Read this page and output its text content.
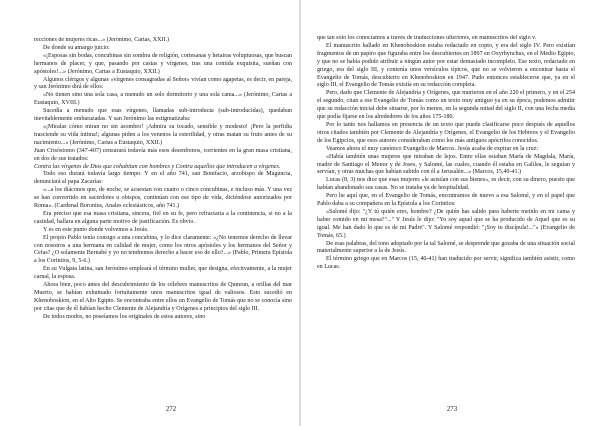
recciones de mujeres ricas...» (Jerónimo, Cartas, XXII.)

De donde su amargo juicio:

«¡Esposas sin bodas, concubinas sin sombra de religión, cortesanas y hetairas voluptuosas, que buscan hermanos de placer, y que, pasando por castas y vírgenes, tras una comida exquisita, sueñan con apóstoles!...» (Jerónimo, Cartas a Eustaquio, XXII.)

Algunos clérigos y algunas «vírgenes consagradas al Señor» vivían como agapetas, es decir, en pareja, y san Jerónimo dirá de ellos:

«No tienen sino una sola casa, a menudo un solo dormitorio y una sola cama...» (Jerónimo, Cartas a Eustaquio, XVIII.)

Sucedía a menudo que esas vírgenes, llamadas sub-introducta (sub-introducidas), quedaban inevitablemente embarazadas. Y san Jerónimo las estigmatizaba:

«¡Miralas cómo miran no sin asombro! ¡Admira su tocado, sensible y modesto! ¡Pero la perfidia trasciende su vida íntima!; algunas piden a los venenos la esterilidad, y otras matan su fruto antes de su nacimiento...» (Jerónimo, Cartas a Eustaquio, XXII.)

Juan Crisóstomo (347-407) censurará todavía más esos desenfrenos, corrientes en la gran masa cristiana, en dos de sus tratados:

Contra las vírgenes de Dios que cohabitan con hombres y Contra aquellos que introducen a vírgenes.

Todo eso durará todavía largo tiempo. Y en el año 741, san Bonifacio, arzobispo de Maguncia, denunciará al papa Zacarías:

«...a los diáconos que, de noche, se acuestan con cuatro o cinco concubinas, e incluso más. Y una vez se han convertido en sacerdotes u obispos, continúan con ese tipo de vida, diciéndose autorizados por Roma». (Cardenal Boronius, Anales eclesiásticos, año 741.)

Era preciso que esa masa cristiana, sincera, fiel en su fe, pero refractaria a la continencia, si no a la castidad, hallara en alguna parte motivo de justificación. Es obvio.

Y es en este punto donde volvemos a Jesús.

El propio Pablo tenía consigo a una concubina, y lo dice claramente: «¿No tenemos derecho de llevar con nosotros a una hermana en calidad de mujer, como los otros apóstoles y los hermanos del Señor y Cefas? ¿O solamente Bernabé y yo no tendremos derecho a hacer eso de ello?...» (Pablo, Primera Epístola a los Corintios, 9, 5-6.)

En su Vulgata latina, san Jerónimo empleará el término mulier, que designa, efectivamente, a la mujer carnal, la esposa.

Ahora bien, poco antes del descubrimiento de los célebres manuscritos de Qumran, a orillas del mar Muerto, se habían exhumado fortuitamente unos manuscritos igual de valiosos. Esto sucedió en Khenoboskion, en el Alto Egipto. Se encontraba entre ellos un Evangelio de Tomás que no se conocía sino por citas que de él habían hecho Clemente de Alejandría y Orígenes a principios del siglo III.

De todos modos, no poseíamos los originales de estos autores, sino

que tan sólo los conocíamos a través de traducciones ulteriores, en manuscritos del siglo v.

El manuscrito hallado en Khenoboskion estaba redactado en copto, y era del siglo IV. Pero existían fragmentos de un papiro que figuraba entre los descubiertos en 1897 en Oxyrhynchus, en el Medio Egipto, y que no se había podido atribuir a ningún autor por estar demasiado incompleto. Ese texto, redactado en griego, era del siglo III, y contenía unos versículos típicos, que no se volvieron a encontrar hasta el Evangelio de Tomás, descubierto en Khenoboskion en 1947. Pudo entonces establecerse que, ya en el siglo III, el Evangelio de Tomás existía en su redacción completa.

Pero, dado que Clemente de Alejandría y Orígenes, que murieron en el año 220 el primero, y en el 254 el segundo, citan a ese Evangelio de Tomás como un texto muy antiguo ya en su época, podemos admitir que su redacción inicial debe situarse, por lo menos, en la segunda mitad del siglo II, con una fecha media que podía fijarse en los alrededores de los años 175-180.

Por lo tanto nos hallamos en presencia de un texto que puede clasificarse poco después de aquellos otros citados también por Clemente de Alejandría y Orígenes, el Evangelio de los Hebreos y el Evangelio de los Egipcios, que esos autores consideraban como los más antiguos apócrifos conocidos.

Veamos ahora el muy canónico Evangelio de Marcos. Jesús acaba de expirar en la cruz:

«Había también unas mujeres que miraban de lejos. Entre ellas estaban María de Magdala, María, madre de Santiago el Menor y de Joses, y Salomé, las cuales, cuando él estaba en Galilea, le seguían y servían, y otras muchas que habían subido con él a Jerusalén...» (Marcos, 15,40-41.)

Lucas (8, 3) nos dice que esas mujeres «le asistían con sus bienes», es decir, con su dinero, puesto que habían abandonado sus casas. No se trataba ya de hospitalidad.

Pero he aquí que, en el Evangelio de Tomás, encontramos de nuevo a esa Salomé, y en el papel que Pablo daba a su compañera en la Epístola a los Corintios:

«Salomé dijo: "¿Y tú quién eres, hombre? ¿De quién has salido para haberte metido en mi cama y haber comido en mi mesa?"..." Y Jesús le dijo: "Yo soy aquel que se ha producido de Aquel que es su igual. Me han dado lo que es de mi Padre". Y Salomé respondió: "¡Soy tu discípula!..."» (Evangelio de Tomás, 65.)

De esas palabras, del tono adoptado por la tal Salomé, se desprende que gozaba de una situación social materialmente superior a la de Jesús.

El término griego que en Marcos (15, 40-41) han traducido por servir, significa también asistir, como en Lucas.

272	273
